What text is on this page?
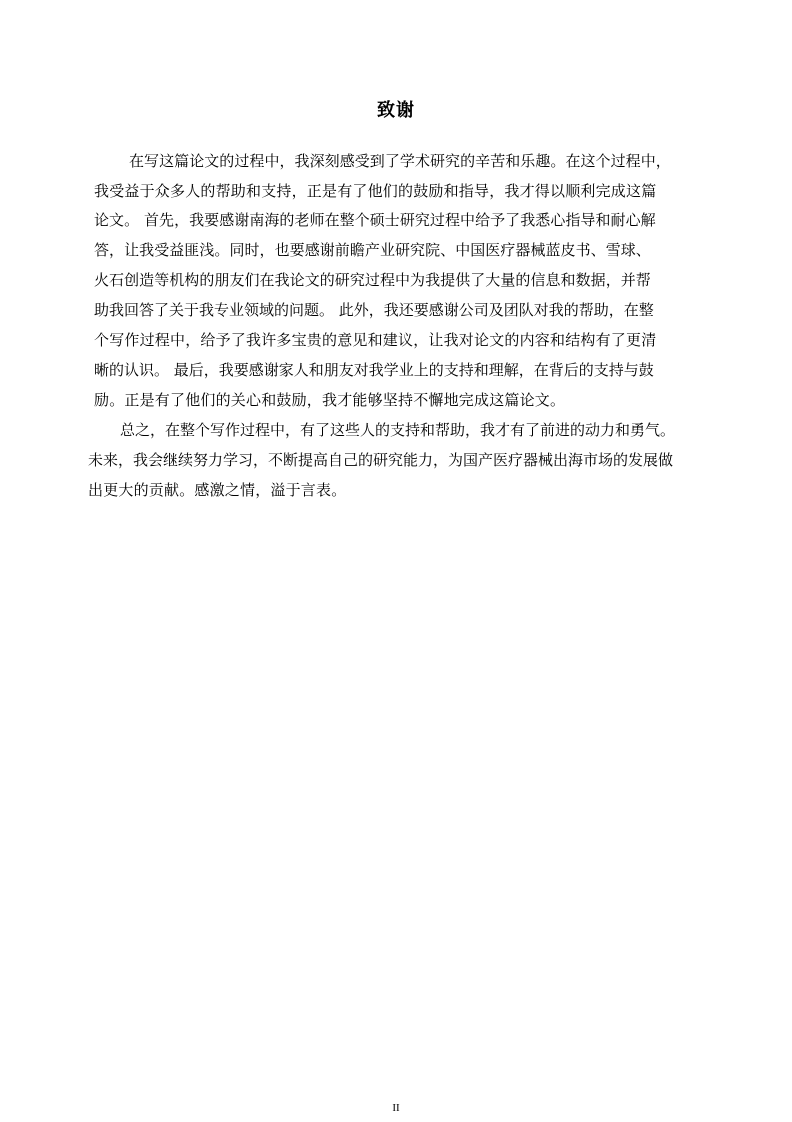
致谢
在写这篇论文的过程中，我深刻感受到了学术研究的辛苦和乐趣。在这个过程中，
我受益于众多人的帮助和支持，正是有了他们的鼓励和指导，我才得以顺利完成这篇
论文。 首先，我要感谢南海的老师在整个硕士研究过程中给予了我悉心指导和耐心解
答，让我受益匪浅。同时，也要感谢前瞻产业研究院、中国医疗器械蓝皮书、雪球、
火石创造等机构的朋友们在我论文的研究过程中为我提供了大量的信息和数据，并帮
助我回答了关于我专业领域的问题。 此外，我还要感谢公司及团队对我的帮助，在整
个写作过程中，给予了我许多宝贵的意见和建议，让我对论文的内容和结构有了更清
晰的认识。 最后，我要感谢家人和朋友对我学业上的支持和理解，在背后的支持与鼓
励。正是有了他们的关心和鼓励，我才能够坚持不懈地完成这篇论文。
总之，在整个写作过程中，有了这些人的支持和帮助，我才有了前进的动力和勇气。
未来，我会继续努力学习，不断提高自己的研究能力，为国产医疗器械出海市场的发展做
出更大的贡献。感激之情，溢于言表。
II
